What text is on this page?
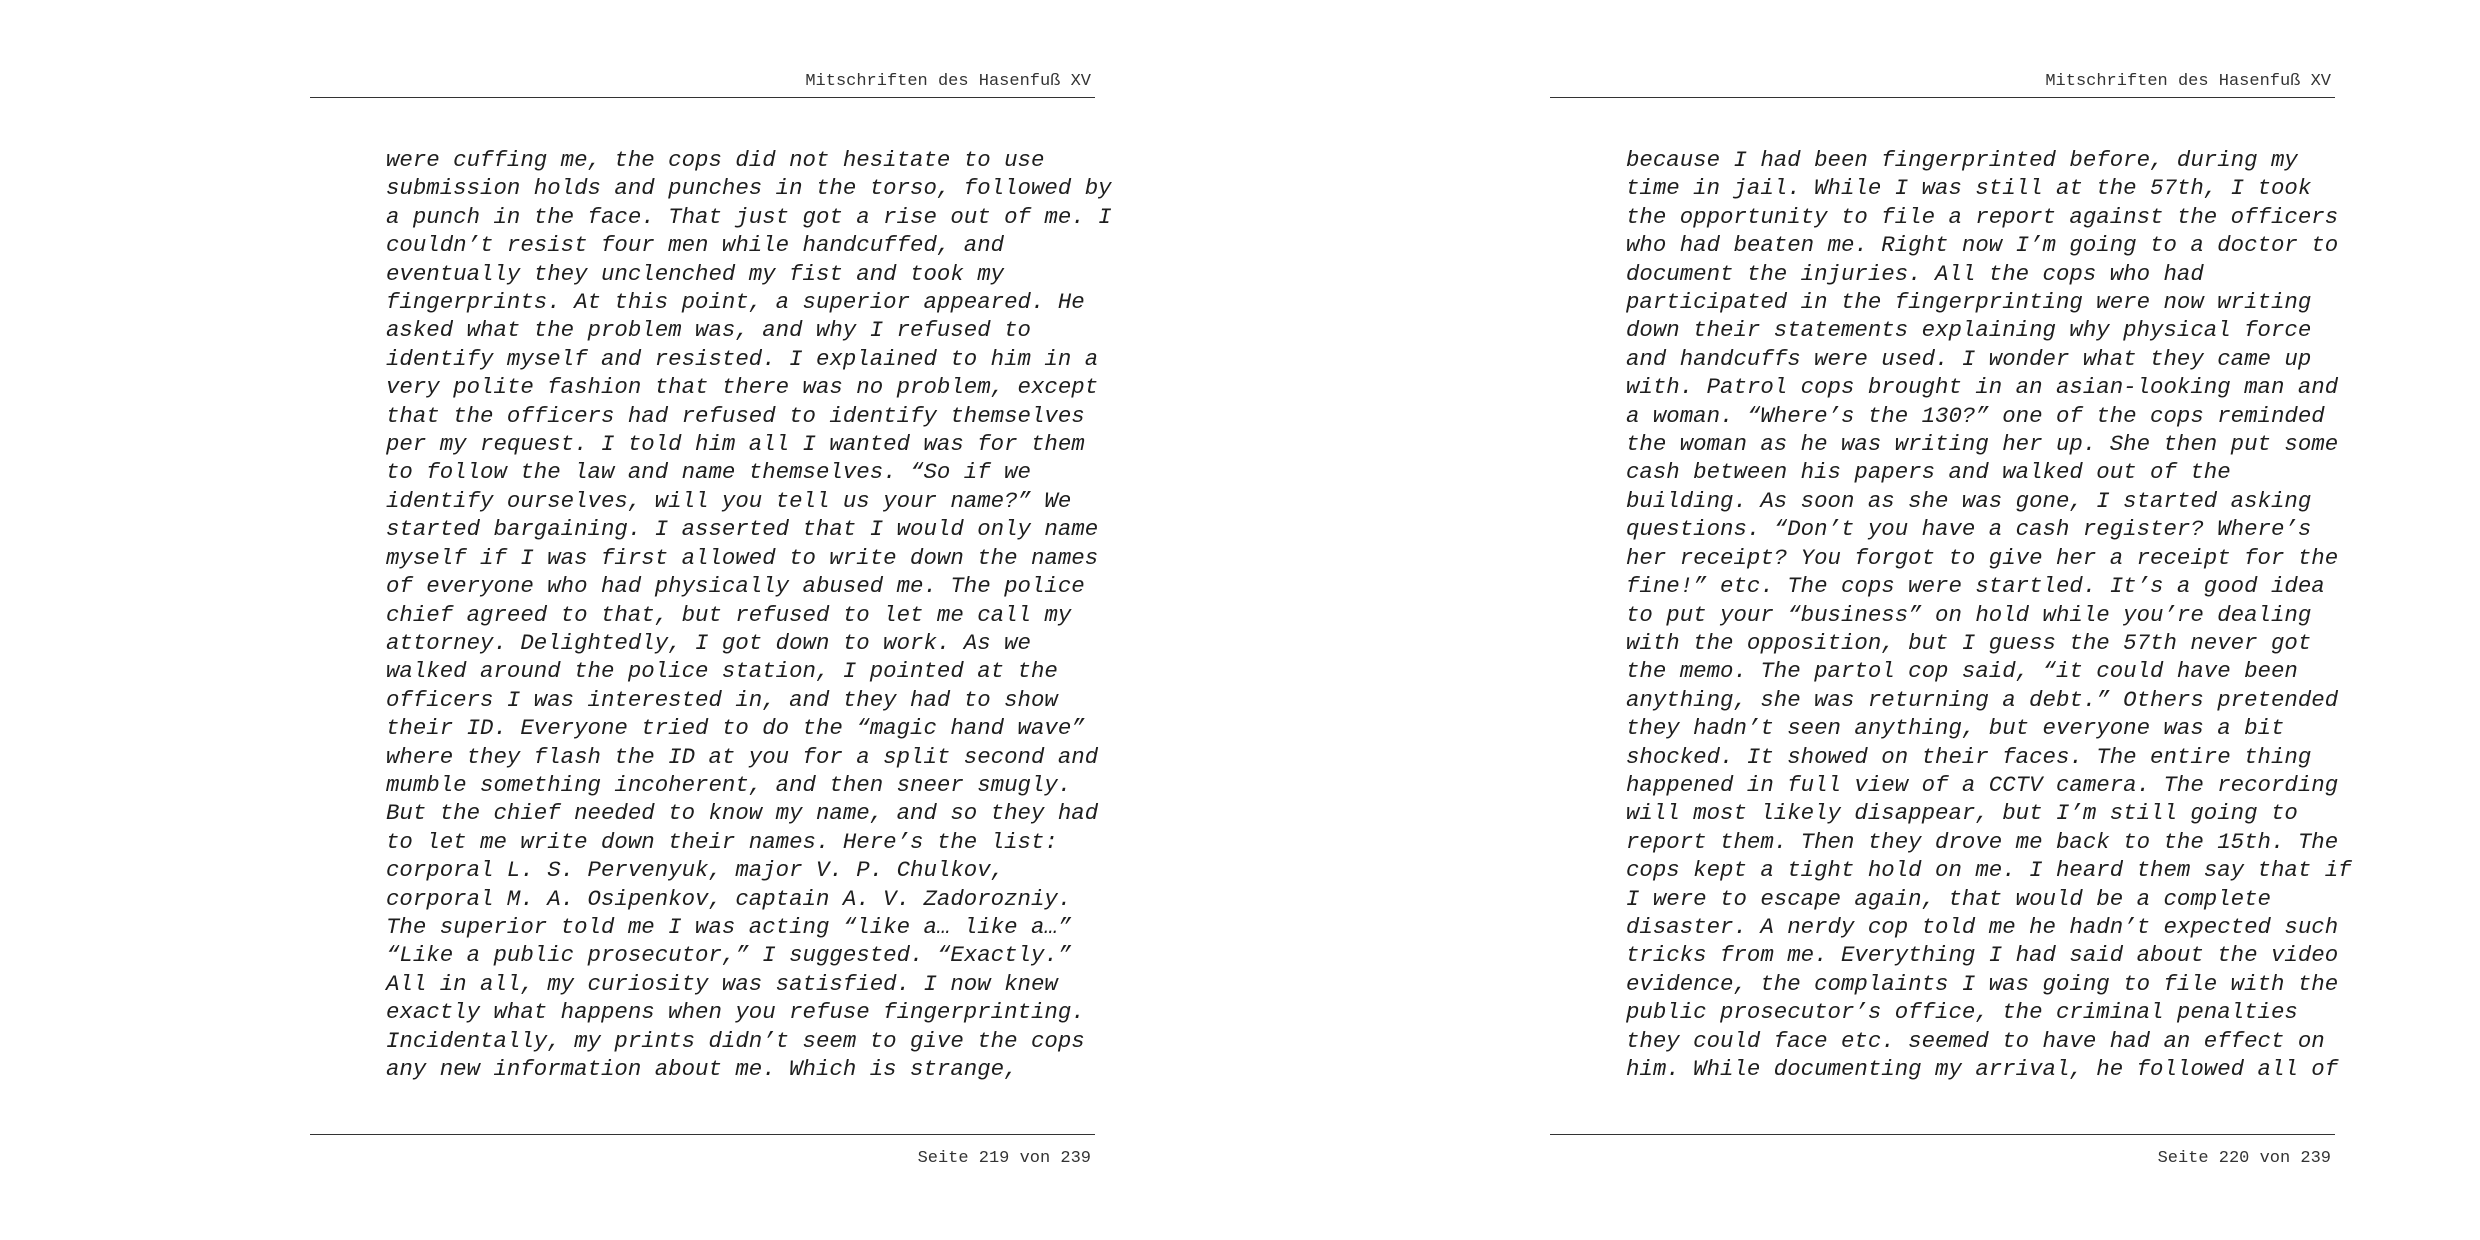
Mitschriften des Hasenfuß XV

were cuffing me, the cops did not hesitate to use
submission holds and punches in the torso, followed by
a punch in the face. That just got a rise out of me. I
couldn’t resist four men while handcuffed, and
eventually they unclenched my fist and took my
fingerprints. At this point, a superior appeared. He
asked what the problem was, and why I refused to
identify myself and resisted. I explained to him in a
very polite fashion that there was no problem, except
that the officers had refused to identify themselves
per my request. I told him all I wanted was for them
to follow the law and name themselves. “So if we
identify ourselves, will you tell us your name?” We
started bargaining. I asserted that I would only name
myself if I was first allowed to write down the names
of everyone who had physically abused me. The police
chief agreed to that, but refused to let me call my
attorney. Delightedly, I got down to work. As we
walked around the police station, I pointed at the
officers I was interested in, and they had to show
their ID. Everyone tried to do the “magic hand wave”
where they flash the ID at you for a split second and
mumble something incoherent, and then sneer smugly.
But the chief needed to know my name, and so they had
to let me write down their names. Here’s the list:
corporal L. S. Pervenyuk, major V. P. Chulkov,
corporal M. A. Osipenkov, captain A. V. Zadorozniy.
The superior told me I was acting “like a… like a…”
“Like a public prosecutor,” I suggested. “Exactly.”
All in all, my curiosity was satisfied. I now knew
exactly what happens when you refuse fingerprinting.
Incidentally, my prints didn’t seem to give the cops
any new information about me. Which is strange,

Seite 219 von 239
Mitschriften des Hasenfuß XV

because I had been fingerprinted before, during my
time in jail. While I was still at the 57th, I took
the opportunity to file a report against the officers
who had beaten me. Right now I’m going to a doctor to
document the injuries. All the cops who had
participated in the fingerprinting were now writing
down their statements explaining why physical force
and handcuffs were used. I wonder what they came up
with. Patrol cops brought in an asian-looking man and
a woman. “Where’s the 130?” one of the cops reminded
the woman as he was writing her up. She then put some
cash between his papers and walked out of the
building. As soon as she was gone, I started asking
questions. “Don’t you have a cash register? Where’s
her receipt? You forgot to give her a receipt for the
fine!” etc. The cops were startled. It’s a good idea
to put your “business” on hold while you’re dealing
with the opposition, but I guess the 57th never got
the memo. The partol cop said, “it could have been
anything, she was returning a debt.” Others pretended
they hadn’t seen anything, but everyone was a bit
shocked. It showed on their faces. The entire thing
happened in full view of a CCTV camera. The recording
will most likely disappear, but I’m still going to
report them. Then they drove me back to the 15th. The
cops kept a tight hold on me. I heard them say that if
I were to escape again, that would be a complete
disaster. A nerdy cop told me he hadn’t expected such
tricks from me. Everything I had said about the video
evidence, the complaints I was going to file with the
public prosecutor’s office, the criminal penalties
they could face etc. seemed to have had an effect on
him. While documenting my arrival, he followed all of

Seite 220 von 239
